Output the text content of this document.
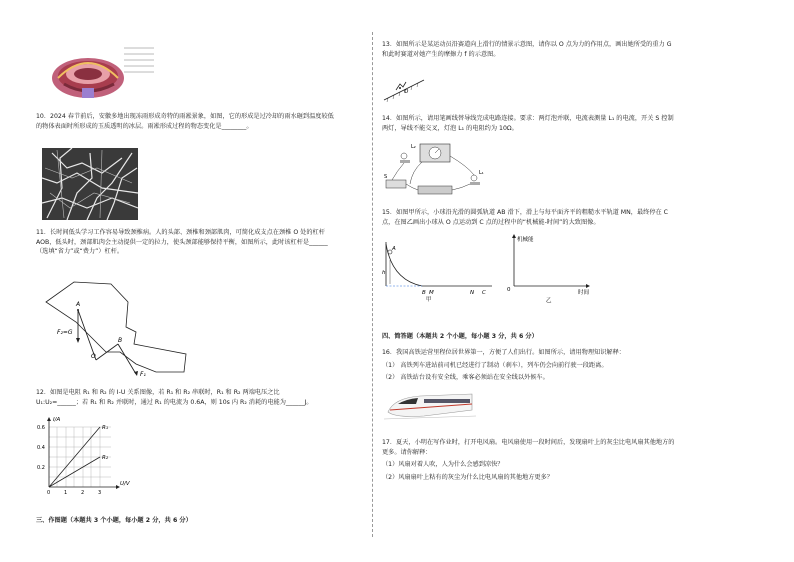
10．2024 春节前后，安徽多地出现冻雨形成奇特的雨凇景象，如图，它的形成是过冷却的雨水砸到温度较低
的物体表面时所形成的玉质透明的冰层。雨凇形成过程的物态变化是________。
11．长时间低头学习工作容易导致颈椎病。人的头部、颈椎和颈部肌肉，可简化成支点在颈椎 O 处的杠杆
AOB，低头时，颈部肌肉会主动提供一定的拉力，使头颈部能够保持平衡，如图所示，此时该杠杆是______
（选填“省力”或“费力”）杠杆。
A
F₂=G
O
B
F₁
12．如图是电阻 R₁ 和 R₂ 的 I-U 关系图像，若 R₁ 和 R₂ 串联时，R₁ 和 R₂ 两端电压之比
U₁:U₂=______；若 R₁ 和 R₂ 并联时，通过 R₁ 的电流为 0.6A，则 10s 内 R₂ 消耗的电能为______J。
I/A
U/V
0.6
0.4
0.2
0	1	2	3
R₁
R₂
三、作图题（本题共 3 个小题，每小题 2 分，共 6 分）
13．如图所示是某运动员沿赛道向上滑行的情景示意图，请你以 O 点为力的作用点，画出她所受的重力 G
和此时赛道对她产生的摩擦力 f 的示意图。
O
14．如图所示，请用笔画线替导线完成电路连接。要求：两灯泡并联，电流表测量 L₁ 的电流，开关 S 控制
两灯，导线不能交叉，灯泡 L₁ 的电阻约为 10Ω。
L₂
S
L₁
15．如图甲所示，小球沿光滑的圆弧轨道 AB 滑下，滑上与每平面齐平的粗糙水平轨道 MN，最终停在 C
点，在图乙画出小球从 O 点运动到 C 点的过程中的“机械能-时间”的大致图像。
A
h
B M	N C
甲
机械能
0	时间
乙
四、简答题（本题共 2 个小题，每小题 3 分，共 6 分）
16．我国高铁运营里程位居世界第一，方便了人们出行。如图所示，请用物理知识解释：
（1） 高铁列车进站前司机已经进行了制动（刹车），列车仍会向前行驶一段距离。
（2） 高铁站台设有安全线，乘客必须站在安全线以外候车。
17．夏天，小明在写作业时，打开电风扇。电风扇使用一段时间后，发现扇叶上的灰尘比电风扇其他地方的
更多。请你解释：
（1）风扇对着人吹，人为什么会感到凉快？
（2）风扇扇叶上粘有的灰尘为什么比电风扇的其他地方更多？
